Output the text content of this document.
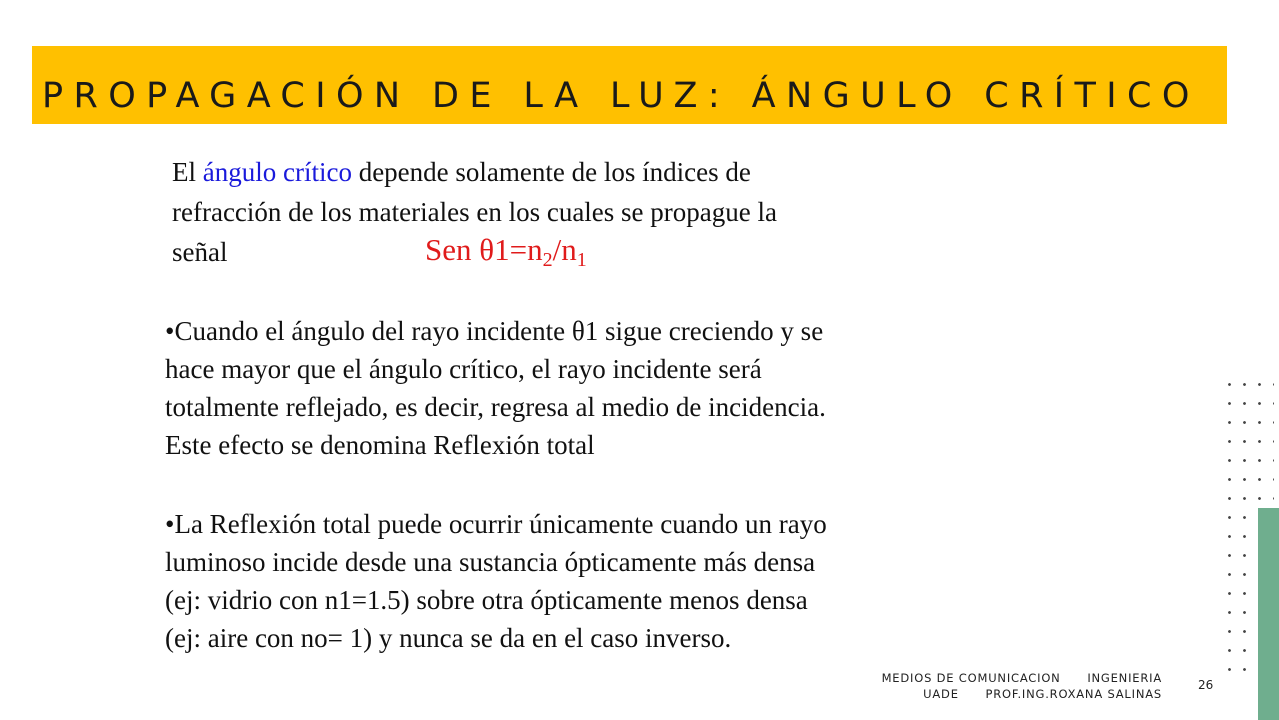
PROPAGACIÓN DE LA LUZ: ÁNGULO CRÍTICO
El ángulo crítico depende solamente de los índices de
refracción de los materiales en los cuales se propague la
señal	Sen $\theta 1=n_2/n_1$
•Cuando el ángulo del rayo incidente θ1 sigue creciendo y se
hace mayor que el ángulo crítico, el rayo incidente será
totalmente reflejado, es decir, regresa al medio de incidencia.
Este efecto se denomina Reflexión total
•La Reflexión total puede ocurrir únicamente cuando un rayo
luminoso incide desde una sustancia ópticamente más densa
(ej: vidrio con n1=1.5) sobre otra ópticamente menos densa
(ej: aire con no= 1) y nunca se da en el caso inverso.
MEDIOS DE COMUNICACION      INGENIERIA
UADE      PROF.ING.ROXANA SALINAS
26
